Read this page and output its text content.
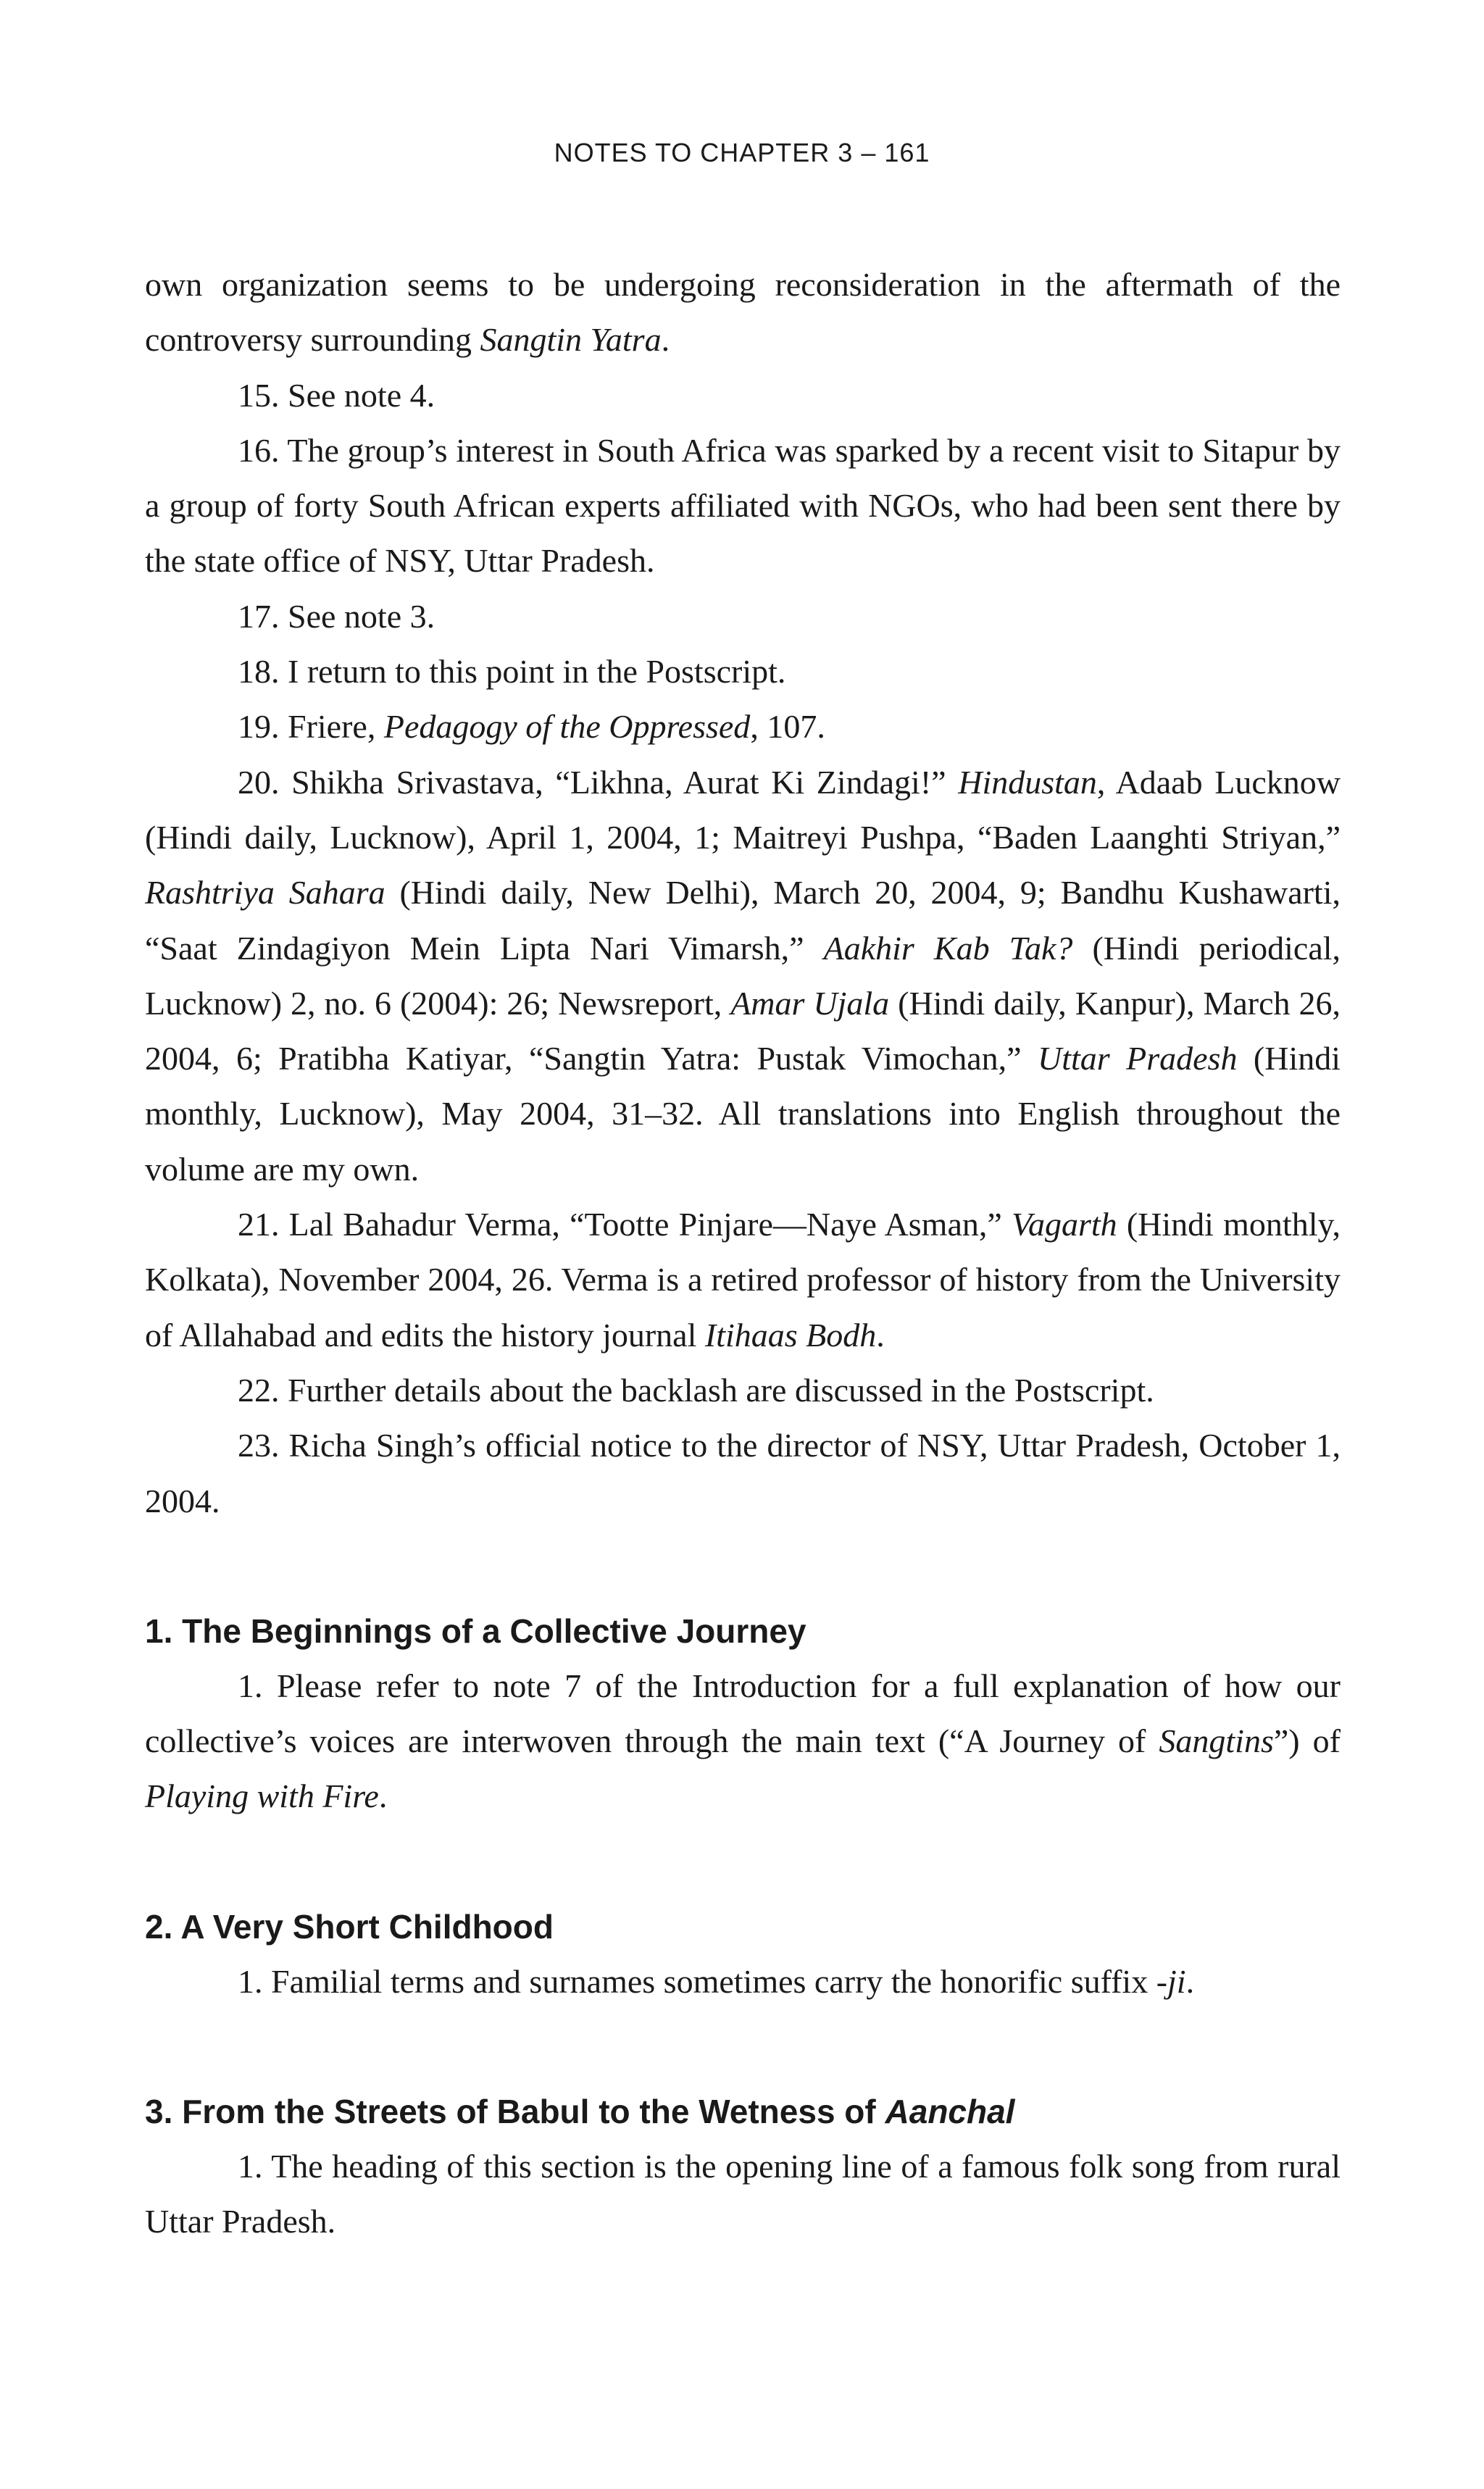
NOTES TO CHAPTER 3 – 161

own organization seems to be undergoing reconsideration in the aftermath of the controversy surrounding Sangtin Yatra.

15. See note 4.

16. The group’s interest in South Africa was sparked by a recent visit to Sitapur by a group of forty South African experts affiliated with NGOs, who had been sent there by the state office of NSY, Uttar Pradesh.

17. See note 3.

18. I return to this point in the Postscript.

19. Friere, Pedagogy of the Oppressed, 107.

20. Shikha Srivastava, “Likhna, Aurat Ki Zindagi!” Hindustan, Adaab Lucknow (Hindi daily, Lucknow), April 1, 2004, 1; Maitreyi Pushpa, “Baden Laanghti Striyan,” Rashtriya Sahara (Hindi daily, New Delhi), March 20, 2004, 9; Bandhu Kushawarti, “Saat Zindagiyon Mein Lipta Nari Vimarsh,” Aakhir Kab Tak? (Hindi periodical, Lucknow) 2, no. 6 (2004): 26; Newsreport, Amar Ujala (Hindi daily, Kanpur), March 26, 2004, 6; Pratibha Katiyar, “Sangtin Yatra: Pustak Vimochan,” Uttar Pradesh (Hindi monthly, Lucknow), May 2004, 31–32. All translations into English throughout the volume are my own.

21. Lal Bahadur Verma, “Tootte Pinjare—Naye Asman,” Vagarth (Hindi monthly, Kolkata), November 2004, 26. Verma is a retired professor of history from the University of Allahabad and edits the history journal Itihaas Bodh.

22. Further details about the backlash are discussed in the Postscript.

23. Richa Singh’s official notice to the director of NSY, Uttar Pradesh, October 1, 2004.

1. The Beginnings of a Collective Journey

1. Please refer to note 7 of the Introduction for a full explanation of how our collective’s voices are interwoven through the main text (“A Journey of Sangtins”) of Playing with Fire.

2. A Very Short Childhood

1. Familial terms and surnames sometimes carry the honorific suffix -ji.

3. From the Streets of Babul to the Wetness of Aanchal

1. The heading of this section is the opening line of a famous folk song from rural Uttar Pradesh.
